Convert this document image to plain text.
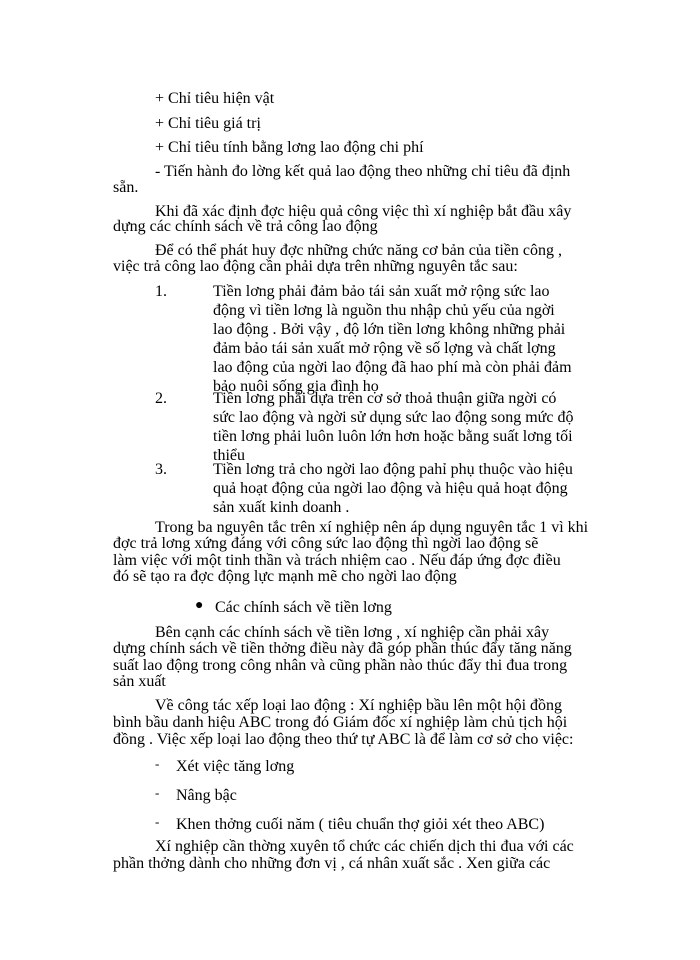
+ Chỉ tiêu hiện vật
+ Chỉ tiêu giá trị
+ Chỉ tiêu tính bằng lơng lao động chi phí
- Tiến hành đo lờng kết quả lao động theo những chỉ tiêu đã định
sẵn.
Khi đã xác định đợc hiệu quả công việc thì xí nghiệp bắt đầu xây
dựng các chính sách về trả công lao động
Để có thể phát huy đợc những chức năng cơ bản của tiền công ,
việc trả công lao động cần phải dựa trên những nguyên tắc sau:
1.	Tiền lơng phải đảm bảo tái sản xuất mở rộng sức lao
động vì tiền lơng là nguồn thu nhập chủ yếu của ngời
lao động . Bởi vậy , độ lớn tiền lơng không những phải
đảm bảo tái sản xuất mở rộng về số lợng và chất lợng
lao động của ngời lao động đã hao phí mà còn phải đảm
bảo nuôi sống gia đình họ
2.	Tiền lơng phải dựa trên cơ sở thoả thuận giữa ngời có
sức lao động và ngời sử dụng sức lao động song mức độ
tiền lơng phải luôn luôn lớn hơn hoặc bằng suất lơng tối
thiểu
3.	Tiền lơng trả cho ngời lao động pahỉ phụ thuộc vào hiệu
quả hoạt động của ngời lao động và hiệu quả hoạt động
sản xuất kinh doanh .
Trong ba nguyên tắc trên xí nghiệp nên áp dụng nguyên tắc 1 vì khi
đợc trả lơng xứng đáng với công sức lao động thì ngời lao động sẽ
làm việc với một tinh thần và trách nhiệm cao . Nếu đáp ứng đợc điều
đó sẽ tạo ra đợc động lực mạnh mẽ cho ngời lao động
● Các chính sách về tiền lơng
Bên cạnh các chính sách về tiền lơng , xí nghiệp cần phải xây
dựng chính sách về tiền thởng điều này đã góp phần thúc đẩy tăng năng
suất lao động trong công nhân và cũng phần nào thúc đẩy thi đua trong
sản xuất
Về công tác xếp loại lao động : Xí nghiệp bầu lên một hội đồng
bình bầu danh hiệu ABC trong đó Giám đốc xí nghiệp làm chủ tịch hội
đồng . Việc xếp loại lao động theo thứ tự ABC là để làm cơ sở cho việc:
- Xét việc tăng lơng
- Nâng bậc
- Khen thởng cuối năm ( tiêu chuẩn thợ giỏi xét theo ABC)
Xí nghiệp cần thờng xuyên tổ chức các chiến dịch thi đua với các
phần thởng dành cho những đơn vị , cá nhân xuất sắc . Xen giữa các
